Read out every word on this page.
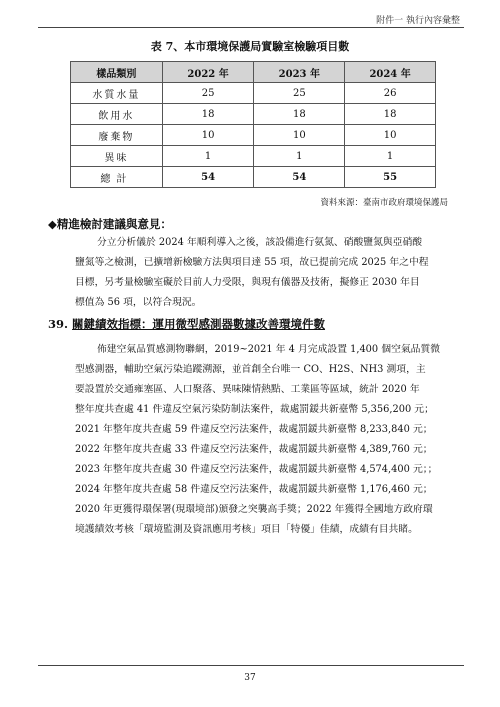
附件一 執行內容彙整
表 7、本市環境保護局實驗室檢驗項目數
樣品類別	2022 年	2023 年	2024 年
水質水量	25	25	26
飲用水	18	18	18
廢棄物	10	10	10
異味	1	1	1
總計	54	54	55
資料來源：臺南市政府環境保護局
◆精進檢討建議與意見：
分立分析儀於 2024 年順利導入之後，該設備進行氨氮、硝酸鹽氮與亞硝酸
鹽氮等之檢測，已擴增新檢驗方法與項目達 55 項，故已提前完成 2025 年之中程
目標，另考量檢驗室礙於目前人力受限，與現有儀器及技術，擬修正 2030 年目
標值為 56 項，以符合現況。
39. 關鍵績效指標：運用微型感測器數據改善環境件數
佈建空氣品質感測物聯網，2019~2021 年 4 月完成設置 1,400 個空氣品質微
型感測器，輔助空氣污染追蹤溯源，並首創全台唯一 CO、H2S、NH3 測項，主
要設置於交通雍塞區、人口聚落、異味陳情熱點、工業區等區域，統計 2020 年
整年度共查處 41 件違反空氣污染防制法案件，裁處罰鍰共新臺幣 5,356,200 元；
2021 年整年度共查處 59 件違反空污法案件，裁處罰鍰共新臺幣 8,233,840 元；
2022 年整年度共查處 33 件違反空污法案件，裁處罰鍰共新臺幣 4,389,760 元；
2023 年整年度共查處 30 件違反空污法案件，裁處罰鍰共新臺幣 4,574,400 元；；
2024 年整年度共查處 58 件違反空污法案件，裁處罰鍰共新臺幣 1,176,460 元；
2020 年更獲得環保署(現環境部)頒發之突襲高手獎；2022 年獲得全國地方政府環
境護績效考核「環境監測及資訊應用考核」項目「特優」佳績，成績有目共睹。
37
